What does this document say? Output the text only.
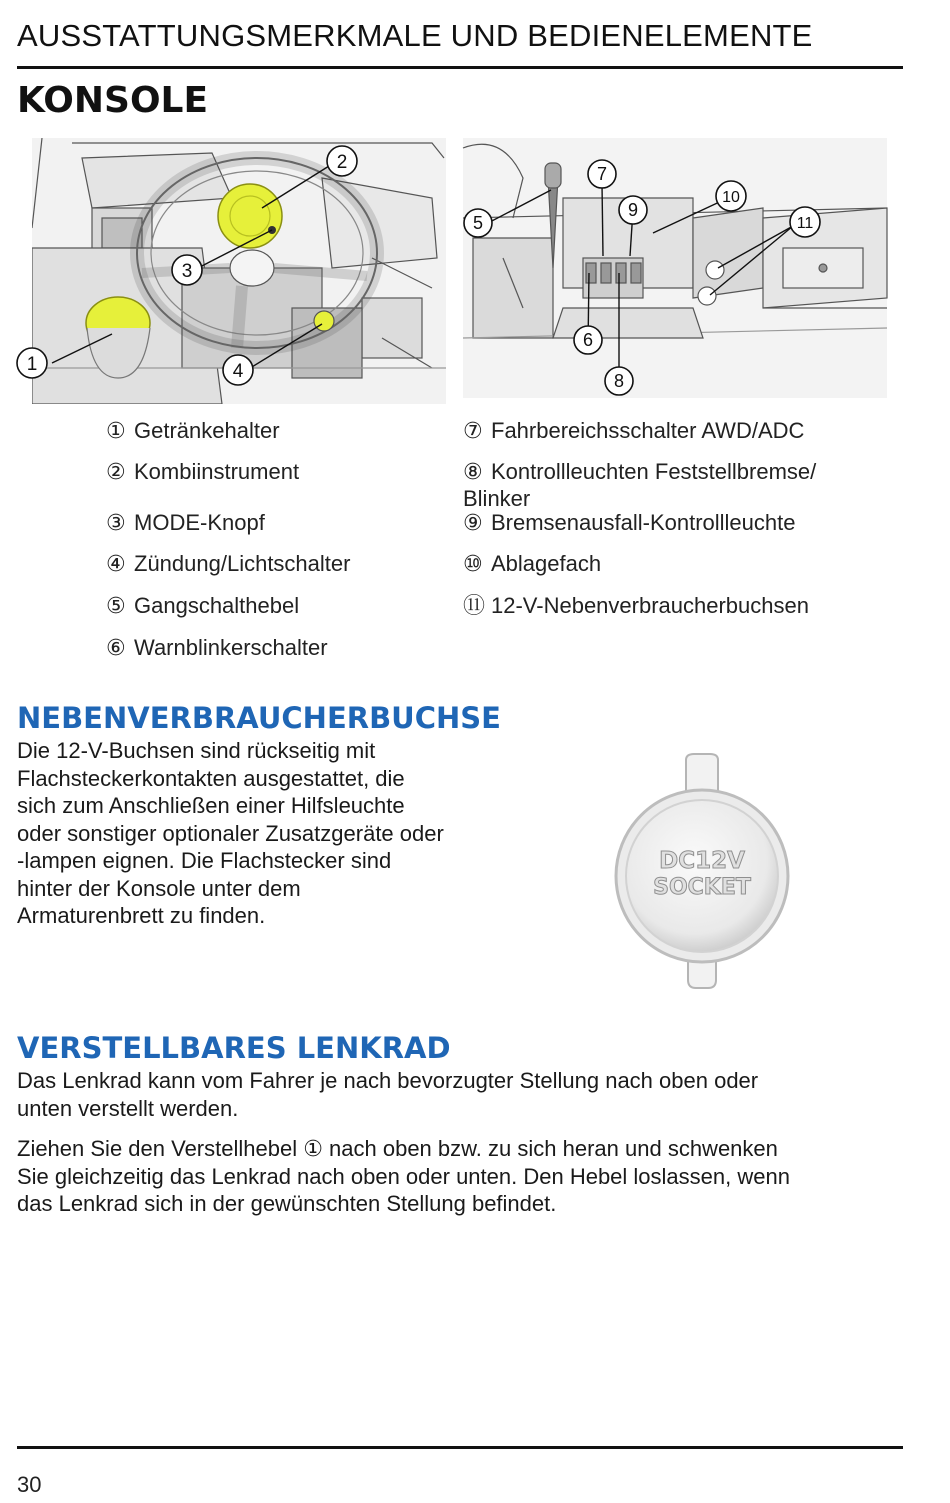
AUSSTATTUNGSMERKMALE UND BEDIENELEMENTE
KONSOLE
1
2
3
4
5
6
7
8
9
10
11
① Getränkehalter
② Kombiinstrument
③ MODE-Knopf
④ Zündung/Lichtschalter
⑤ Gangschalthebel
⑥ Warnblinkerschalter
⑦ Fahrbereichsschalter AWD/ADC
⑧ Kontrollleuchten Feststellbremse/
Blinker
⑨ Bremsenausfall-Kontrollleuchte
⑩ Ablagefach
⑪ 12-V-Nebenverbraucherbuchsen
NEBENVERBRAUCHERBUCHSE
Die 12-V-Buchsen sind rückseitig mit
Flachsteckerkontakten ausgestattet, die
sich zum Anschließen einer Hilfsleuchte
oder sonstiger optionaler Zusatzgeräte oder
-lampen eignen. Die Flachstecker sind
hinter der Konsole unter dem
Armaturenbrett zu finden.
DC12V
SOCKET
VERSTELLBARES LENKRAD
Das Lenkrad kann vom Fahrer je nach bevorzugter Stellung nach oben oder
unten verstellt werden.
Ziehen Sie den Verstellhebel ① nach oben bzw. zu sich heran und schwenken
Sie gleichzeitig das Lenkrad nach oben oder unten. Den Hebel loslassen, wenn
das Lenkrad sich in der gewünschten Stellung befindet.
30
